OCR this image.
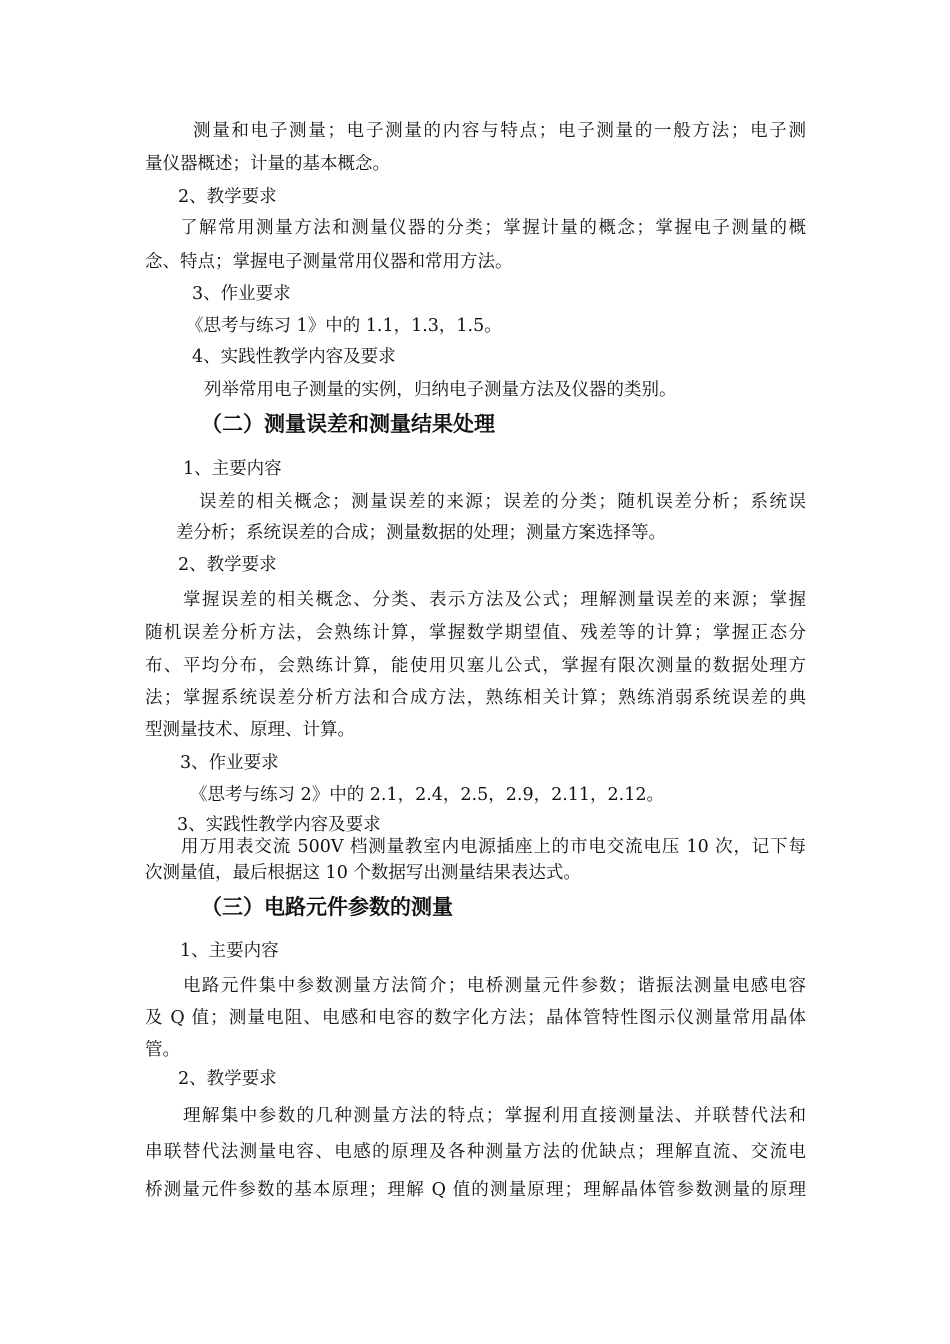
测量和电子测量；电子测量的内容与特点；电子测量的一般方法；电子测
量仪器概述；计量的基本概念。
2、教学要求
了解常用测量方法和测量仪器的分类；掌握计量的概念；掌握电子测量的概
念、特点；掌握电子测量常用仪器和常用方法。
3、作业要求
《思考与练习 1》中的 1.1，1.3，1.5。
4、实践性教学内容及要求
列举常用电子测量的实例，归纳电子测量方法及仪器的类别。
（二）测量误差和测量结果处理
1、主要内容
误差的相关概念；测量误差的来源；误差的分类；随机误差分析；系统误
差分析；系统误差的合成；测量数据的处理；测量方案选择等。
2、教学要求
掌握误差的相关概念、分类、表示方法及公式；理解测量误差的来源；掌握
随机误差分析方法，会熟练计算，掌握数学期望值、残差等的计算；掌握正态分
布、平均分布，会熟练计算，能使用贝塞儿公式，掌握有限次测量的数据处理方
法；掌握系统误差分析方法和合成方法，熟练相关计算；熟练消弱系统误差的典
型测量技术、原理、计算。
3、作业要求
《思考与练习 2》中的 2.1，2.4，2.5，2.9，2.11，2.12。
3、实践性教学内容及要求
用万用表交流 500V 档测量教室内电源插座上的市电交流电压 10 次，记下每
次测量值，最后根据这 10 个数据写出测量结果表达式。
（三）电路元件参数的测量
1、主要内容
电路元件集中参数测量方法简介；电桥测量元件参数；谐振法测量电感电容
及 Q 值；测量电阻、电感和电容的数字化方法；晶体管特性图示仪测量常用晶体
管。
2、教学要求
理解集中参数的几种测量方法的特点；掌握利用直接测量法、并联替代法和
串联替代法测量电容、电感的原理及各种测量方法的优缺点；理解直流、交流电
桥测量元件参数的基本原理；理解 Q 值的测量原理；理解晶体管参数测量的原理
